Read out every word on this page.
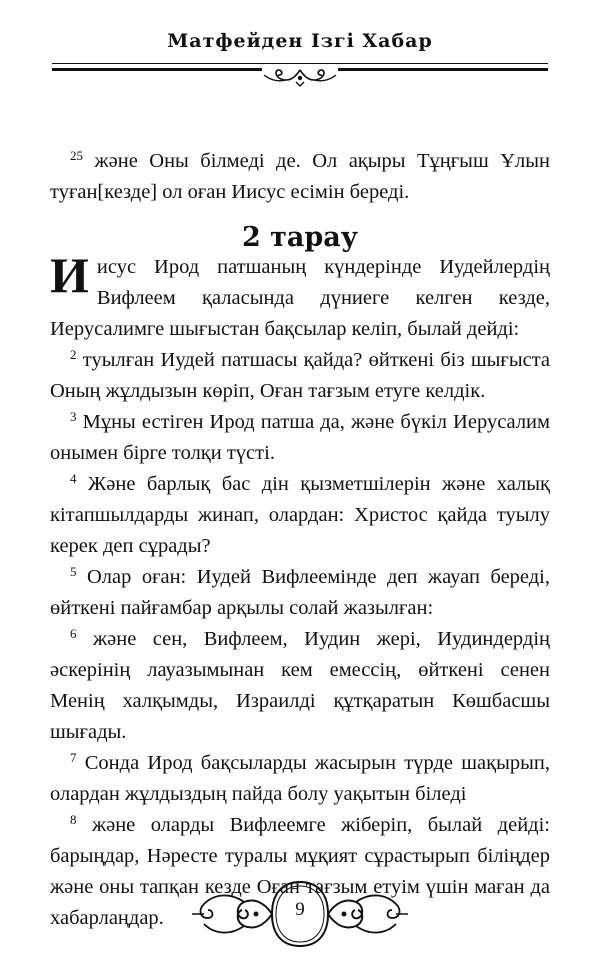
Матфейден Ізгі Хабар

$^{25}$ және Оны білмеді де. Ол ақыры Тұңғыш Ұлын туған[кезде] ол оған Иисус есімін береді.

2 тарау

Иисус Ирод патшаның күндерінде Иудейлердің Вифлеем қаласында дүниеге келген кезде, Иерусалимге шығыстан бақсылар келіп, былай дейді:

$^2$ туылған Иудей патшасы қайда? өйткені біз шығыста Оның жұлдызын көріп, Оған тағзым етуге келдік.

$^3$ Мұны естіген Ирод патша да, және бүкіл Иерусалим онымен бірге толқи түсті.

$^4$ Және барлық бас дін қызметшілерін және халық кітапшылдарды жинап, олардан: Христос қайда туылу керек деп сұрады?

$^5$ Олар оған: Иудей Вифлеемінде деп жауап береді, өйткені пайғамбар арқылы солай жазылған:

$^6$ және сен, Вифлеем, Иудин жері, Иудиндердің әскерінің лауазымынан кем емессің, өйткені сенен Менің халқымды, Израилді құтқаратын Көшбасшы шығады.

$^7$ Сонда Ирод бақсыларды жасырын түрде шақырып, олардан жұлдыздың пайда болу уақытын біледі

$^8$ және оларды Вифлеемге жіберіп, былай дейді: барыңдар, Нәресте туралы мұқият сұрастырып біліңдер және оны тапқан кезде Оған тағзым етуім үшін маған да хабарлаңдар.	9
